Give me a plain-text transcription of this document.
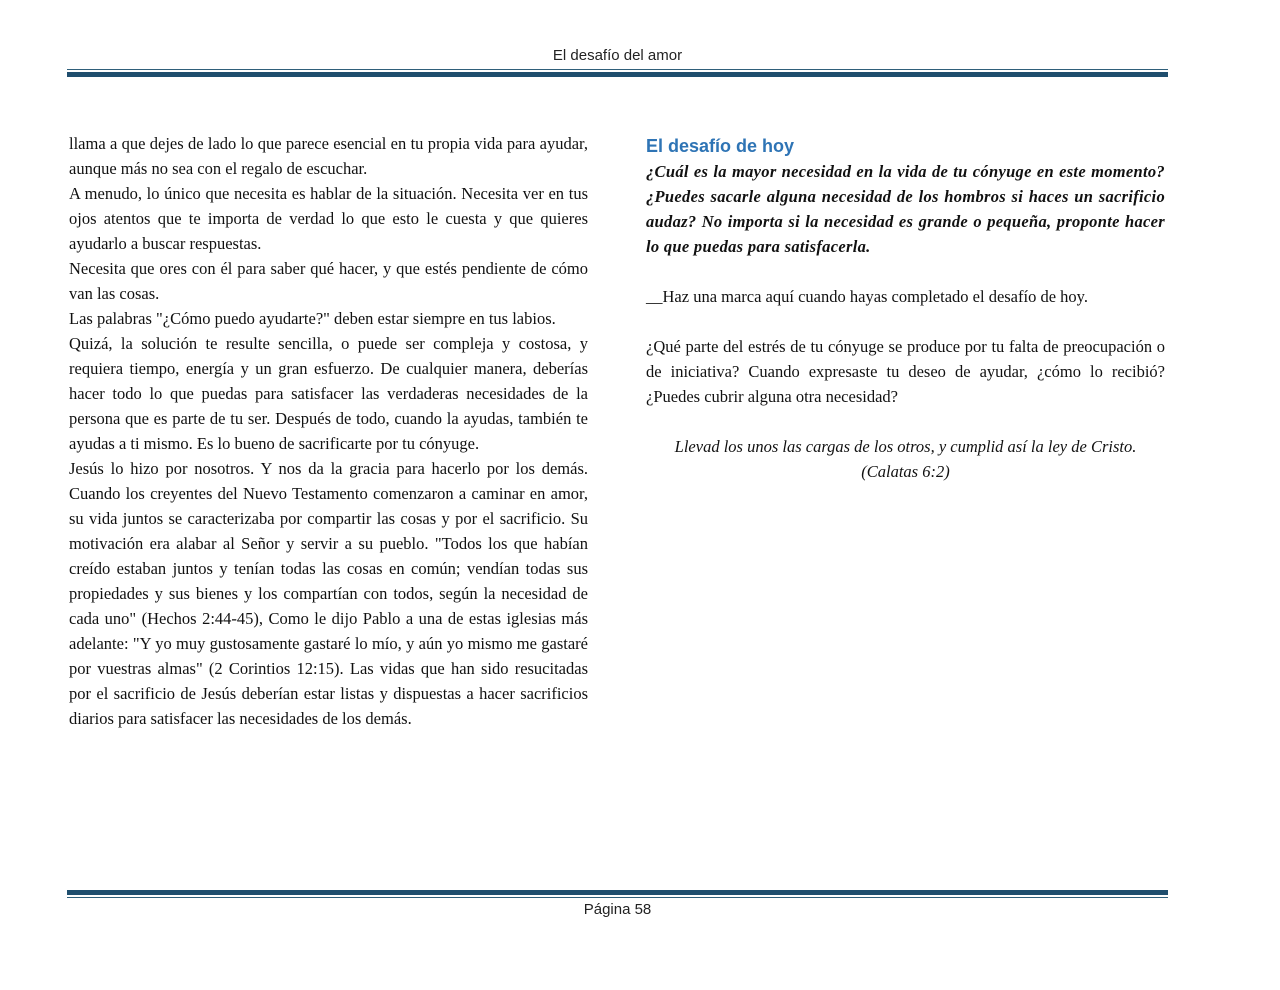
El desafío del amor

llama a que dejes de lado lo que parece esencial en tu propia vida para ayudar, aunque más no sea con el regalo de escuchar.

A menudo, lo único que necesita es hablar de la situación. Necesita ver en tus ojos atentos que te importa de verdad lo que esto le cuesta y que quieres ayudarlo a buscar respuestas.

Necesita que ores con él para saber qué hacer, y que estés pendiente de cómo van las cosas.

Las palabras "¿Cómo puedo ayudarte?" deben estar siempre en tus labios.

Quizá, la solución te resulte sencilla, o puede ser compleja y costosa, y requiera tiempo, energía y un gran esfuerzo. De cualquier manera, deberías hacer todo lo que puedas para satisfacer las verdaderas necesidades de la persona que es parte de tu ser. Después de todo, cuando la ayudas, también te ayudas a ti mismo. Es lo bueno de sacrificarte por tu cónyuge.

Jesús lo hizo por nosotros. Y nos da la gracia para hacerlo por los demás. Cuando los creyentes del Nuevo Testamento comenzaron a caminar en amor, su vida juntos se caracterizaba por compartir las cosas y por el sacrificio. Su motivación era alabar al Señor y servir a su pueblo. "Todos los que habían creído estaban juntos y tenían todas las cosas en común; vendían todas sus propiedades y sus bienes y los compartían con todos, según la necesidad de cada uno" (Hechos 2:44-45), Como le dijo Pablo a una de estas iglesias más adelante: "Y yo muy gustosamente gastaré lo mío, y aún yo mismo me gastaré por vuestras almas" (2 Corintios 12:15). Las vidas que han sido resucitadas por el sacrificio de Jesús deberían estar listas y dispuestas a hacer sacrificios diarios para satisfacer las necesidades de los demás.

El desafío de hoy

¿Cuál es la mayor necesidad en la vida de tu cónyuge en este momento? ¿Puedes sacarle alguna necesidad de los hombros si haces un sacrificio audaz? No importa si la necesidad es grande o pequeña, proponte hacer lo que puedas para satisfacerla.

__Haz una marca aquí cuando hayas completado el desafío de hoy.

¿Qué parte del estrés de tu cónyuge se produce por tu falta de preocupación o de iniciativa? Cuando expresaste tu deseo de ayudar, ¿cómo lo recibió? ¿Puedes cubrir alguna otra necesidad?

Llevad los unos las cargas de los otros, y cumplid así la ley de Cristo.
(Calatas 6:2)

Página 58
